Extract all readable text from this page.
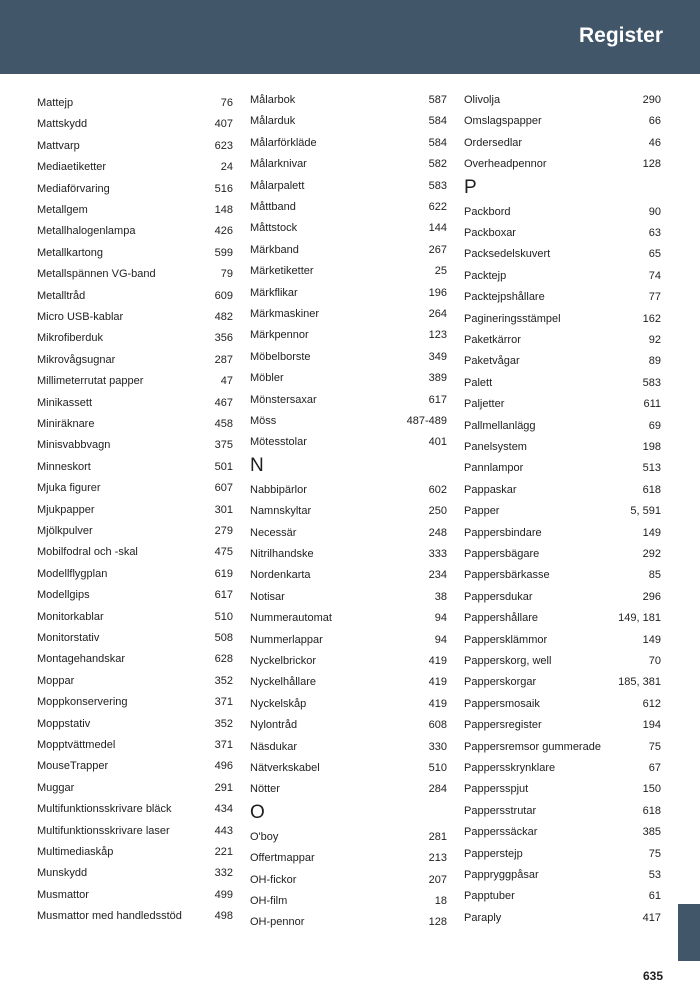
Register
Mattejp	76
Mattskydd	407
Mattvarp	623
Mediaetiketter	24
Mediaförvaring	516
Metallgem	148
Metallhalogenlampa	426
Metallkartong	599
Metallspännen VG-band	79
Metalltråd	609
Micro USB-kablar	482
Mikrofiberduk	356
Mikrovågsugnar	287
Millimeterrutat papper	47
Minikassett	467
Miniräknare	458
Minisvabbvagn	375
Minneskort	501
Mjuka figurer	607
Mjukpapper	301
Mjölkpulver	279
Mobilfodral och -skal	475
Modellflygplan	619
Modellgips	617
Monitorkablar	510
Monitorstativ	508
Montagehandskar	628
Moppar	352
Moppkonservering	371
Moppstativ	352
Mopptvättmedel	371
MouseTrapper	496
Muggar	291
Multifunktionsskrivare bläck	434
Multifunktionsskrivare laser	443
Multimediaskåp	221
Munskydd	332
Musmattor	499
Musmattor med handledsstöd	498
Målarbok	587
Målarduk	584
Målarförkläde	584
Målarknivar	582
Målarpalett	583
Måttband	622
Måttstock	144
Märkband	267
Märketiketter	25
Märkflikar	196
Märkmaskiner	264
Märkpennor	123
Möbelborste	349
Möbler	389
Mönstersaxar	617
Möss	487-489
Mötesstolar	401
N
Nabbipärlor	602
Namnskyltar	250
Necessär	248
Nitrilhandske	333
Nordenkarta	234
Notisar	38
Nummerautomat	94
Nummerlappar	94
Nyckelbrickor	419
Nyckelhållare	419
Nyckelskåp	419
Nylontråd	608
Näsdukar	330
Nätverkskabel	510
Nötter	284
O
O'boy	281
Offertmappar	213
OH-fickor	207
OH-film	18
OH-pennor	128
Olivolja	290
Omslagspapper	66
Ordersedlar	46
Overheadpennor	128
P
Packbord	90
Packboxar	63
Packsedelskuvert	65
Packtejp	74
Packtejpshållare	77
Pagineringsstämpel	162
Paketkärror	92
Paketvågar	89
Palett	583
Paljetter	611
Pallmellanlägg	69
Panelsystem	198
Pannlampor	513
Pappaskar	618
Papper	5, 591
Pappersbindare	149
Pappersbägare	292
Pappersbärkasse	85
Pappersdukar	296
Pappershållare	149, 181
Pappersklämmor	149
Papperskorg, well	70
Papperskorgar	185, 381
Pappersmosaik	612
Pappersregister	194
Pappersremsor gummerade	75
Pappersskrynklare	67
Pappersspjut	150
Pappersstrutar	618
Papperssäckar	385
Papperstejp	75
Pappryggpåsar	53
Papptuber	61
Paraply	417
635
